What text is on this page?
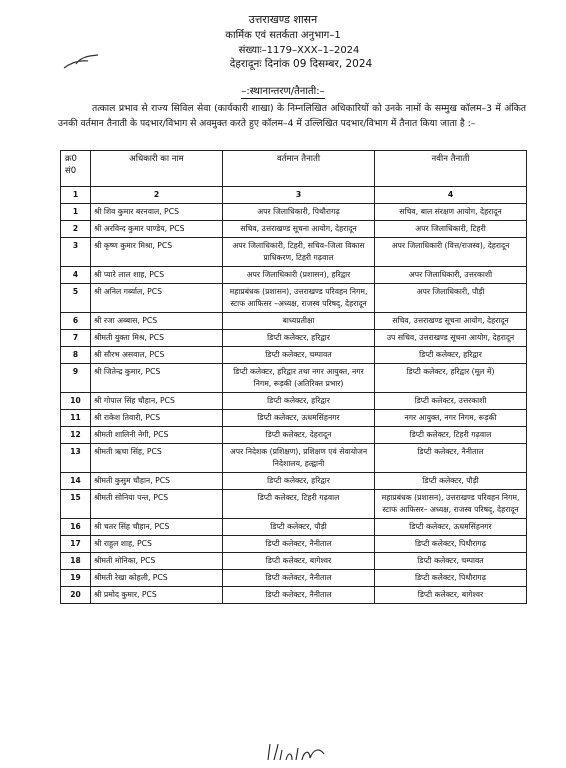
उत्तराखण्ड शासन
कार्मिक एवं सतर्कता अनुभाग–1
संख्याः–1179–XXX–1–2024
देहरादूनः दिनांक 09 दिसम्बर, 2024
–:स्थानान्तरण/तैनाती:–
तत्काल प्रभाव से राज्य सिविल सेवा (कार्यकारी शाखा) के निम्नलिखित अधिकारियों को उनके नामों के सम्मुख कॉलम–3 में अंकित उनकी वर्तमान तैनाती के पदभार/विभाग से अवमुक्त करते हुए कॉलम–4 में उल्लिखित पदभार/विभाग में तैनात किया जाता है :–
क्र0 सं0	अधिकारी का नाम	वर्तमान तैनाती	नवीन तैनाती
1	2	3	4
1	श्री शिव कुमार बरनवाल, PCS	अपर जिलाधिकारी, पिथौरागढ़	सचिव, बाल संरक्षण आयोग, देहरादून
2	श्री अरविन्द कुमार पाण्डेय, PCS	सचिव, उत्तराखण्ड सूचना आयोग, देहरादून	अपर जिलाधिकारी, टिहरी
3	श्री कृष्ण कुमार मिश्रा, PCS	अपर जिलाधिकारी, टिहरी, सचिव–जिला विकास प्राधिकरण, टिहरी गढ़वाल	अपर जिलाधिकारी (वित्त/राजस्व), देहरादून
4	श्री प्यारे लाल शाह, PCS	अपर जिलाधिकारी (प्रशासन), हरिद्वार	अपर जिलाधिकारी, उत्तरकाशी
5	श्री अनिल गर्ब्याल, PCS	महाप्रबंधक (प्रशासन), उत्तराखण्ड परिवहन निगम, स्टाफ आफिसर –अध्यक्ष, राजस्व परिषद्, देहरादून	अपर जिलाधिकारी, पौड़ी
6	श्री रजा अब्बास, PCS	बाध्यप्रतीक्षा	सचिव, उत्तराखण्ड सूचना आयोग, देहरादून
7	श्रीमती युक्ता मिश्र, PCS	डिप्टी कलेक्टर, हरिद्वार	उप सचिव, उत्तराखण्ड सूचना आयोग, देहरादून
8	श्री सौरभ असवाल, PCS	डिप्टी कलेक्टर, चम्पावत	डिप्टी कलेक्टर, हरिद्वार
9	श्री जितेन्द्र कुमार, PCS	डिप्टी कलेक्टर, हरिद्वार तथा नगर आयुक्त, नगर निगम, रूड़की (अतिरिक्त प्रभार)	डिप्टी कलेक्टर, हरिद्वार (मूल में)
10	श्री गोपाल सिंह चौहान, PCS	डिप्टी कलेक्टर, हरिद्वार	डिप्टी कलेक्टर, उत्तरकाशी
11	श्री राकेश तिवारी, PCS	डिप्टी कलेक्टर, ऊधमसिंहनगर	नगर आयुक्त, नगर निगम, रूड़की
12	श्रीमती शालिनी नेगी, PCS	डिप्टी कलेक्टर, देहरादून	डिप्टी कलेक्टर, टिहरी गढ़वाल
13	श्रीमती ऋचा सिंह, PCS	अपर निदेशक (प्रशिक्षण), प्रशिक्षण एवं सेवायोजन निदेशालय, हल्द्वानी	डिप्टी कलेक्टर, नैनीताल
14	श्रीमती कुसुम चौहान, PCS	डिप्टी कलेक्टर, हरिद्वार	डिप्टी कलेक्टर, पौड़ी
15	श्रीमती सोनिया पन्त, PCS	डिप्टी कलेक्टर, टिहरी गढ़वाल	महाप्रबंधक (प्रशासन), उत्तराखण्ड परिवहन निगम, स्टाफ आफिसर– अध्यक्ष, राजस्व परिषद्, देहरादून
16	श्री चतर सिंह चौहान, PCS	डिप्टी कलेक्टर, पौड़ी	डिप्टी कलेक्टर, ऊधमसिंहनगर
17	श्री राहुल शाह, PCS	डिप्टी कलेक्टर, नैनीताल	डिप्टी कलेक्टर, पिथौरागढ़
18	श्रीमती मोनिका, PCS	डिप्टी कलेक्टर, बागेश्वर	डिप्टी कलेक्टर, चम्पावत
19	श्रीमती रेखा कोहली, PCS	डिप्टी कलेक्टर, नैनीताल	डिप्टी कलेक्टर, पिथौरागढ़
20	श्री प्रमोद कुमार, PCS	डिप्टी कलेक्टर, नैनीताल	डिप्टी कलेक्टर, बागेश्वर
